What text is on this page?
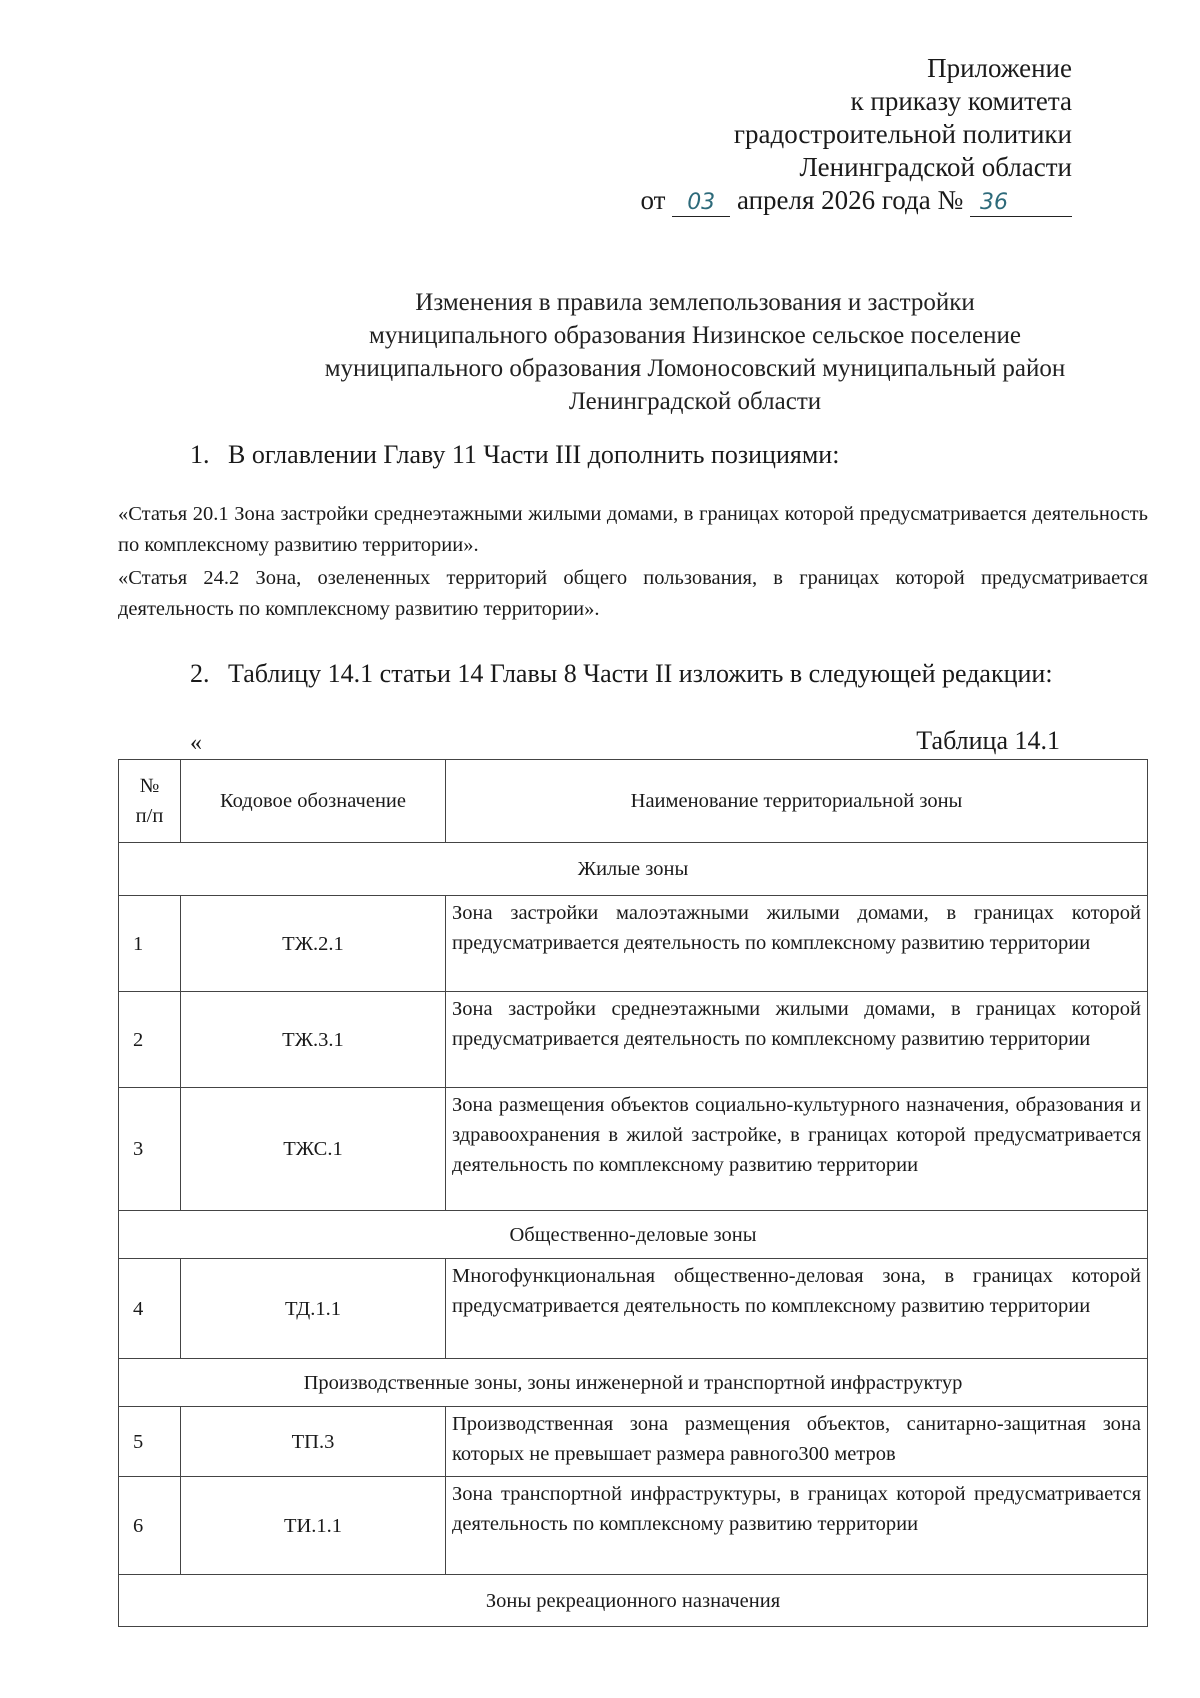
Приложение
к приказу комитета
градостроительной политики
Ленинградской области
от 03 апреля 2026 года № 36
Изменения в правила землепользования и застройки
муниципального образования Низинское сельское поселение
муниципального образования Ломоносовский муниципальный район
Ленинградской области
1. В оглавлении Главу 11 Части III дополнить позициями:
«Статья 20.1 Зона застройки среднеэтажными жилыми домами, в границах которой предусматривается деятельность по комплексному развитию территории».
«Статья 24.2 Зона, озелененных территорий общего пользования, в границах которой предусматривается деятельность по комплексному развитию территории».
2. Таблицу 14.1 статьи 14 Главы 8 Части II изложить в следующей редакции:
«	Таблица 14.1
№
п/п	Кодовое обозначение	Наименование территориальной зоны
Жилые зоны		
1	ТЖ.2.1	Зона застройки малоэтажными жилыми домами, в границах которой предусматривается деятельность по комплексному развитию территории
2	ТЖ.3.1	Зона застройки среднеэтажными жилыми домами, в границах которой предусматривается деятельность по комплексному развитию территории
3	ТЖС.1	Зона размещения объектов социально-культурного назначения, образования и здравоохранения в жилой застройке, в границах которой предусматривается деятельность по комплексному развитию территории
Общественно-деловые зоны		
4	ТД.1.1	Многофункциональная общественно-деловая зона, в границах которой предусматривается деятельность по комплексному развитию территории
Производственные зоны, зоны инженерной и транспортной инфраструктур		
5	ТП.3	Производственная зона размещения объектов, санитарно-защитная зона которых не превышает размера равного300 метров
6	ТИ.1.1	Зона транспортной инфраструктуры, в границах которой предусматривается деятельность по комплексному развитию территории
Зоны рекреационного назначения		
